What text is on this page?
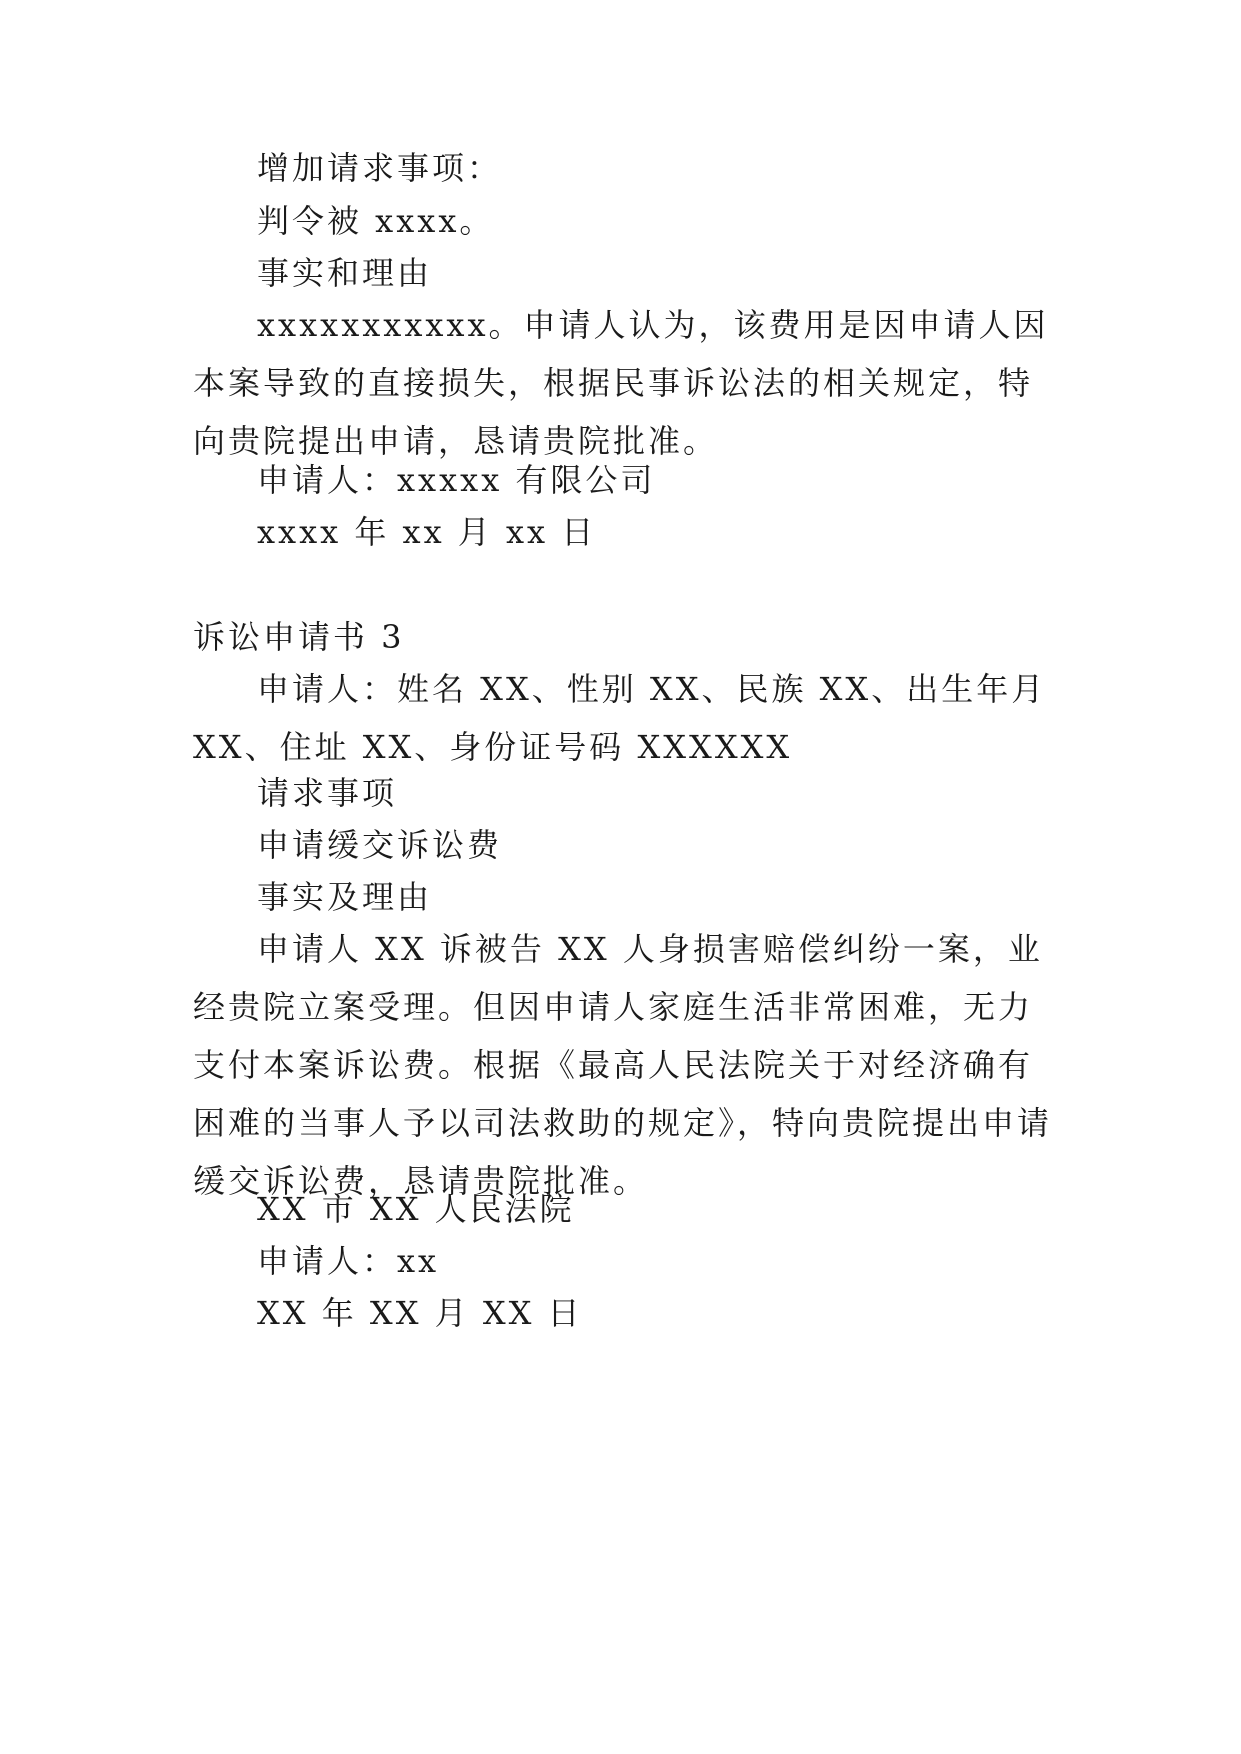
增加请求事项：

判令被 xxxx。

事实和理由

xxxxxxxxxxx。申请人认为，该费用是因申请人因本案导致的直接损失，根据民事诉讼法的相关规定，特向贵院提出申请，恳请贵院批准。

申请人：xxxxx 有限公司

xxxx 年 xx 月 xx 日

诉讼申请书 3

申请人：姓名 XX、性别 XX、民族 XX、出生年月 XX、住址 XX、身份证号码 XXXXXX

请求事项

申请缓交诉讼费

事实及理由

申请人 XX 诉被告 XX 人身损害赔偿纠纷一案，业经贵院立案受理。但因申请人家庭生活非常困难，无力支付本案诉讼费。根据《最高人民法院关于对经济确有困难的当事人予以司法救助的规定》，特向贵院提出申请缓交诉讼费，恳请贵院批准。

XX 市 XX 人民法院

申请人：xx

XX 年 XX 月 XX 日
